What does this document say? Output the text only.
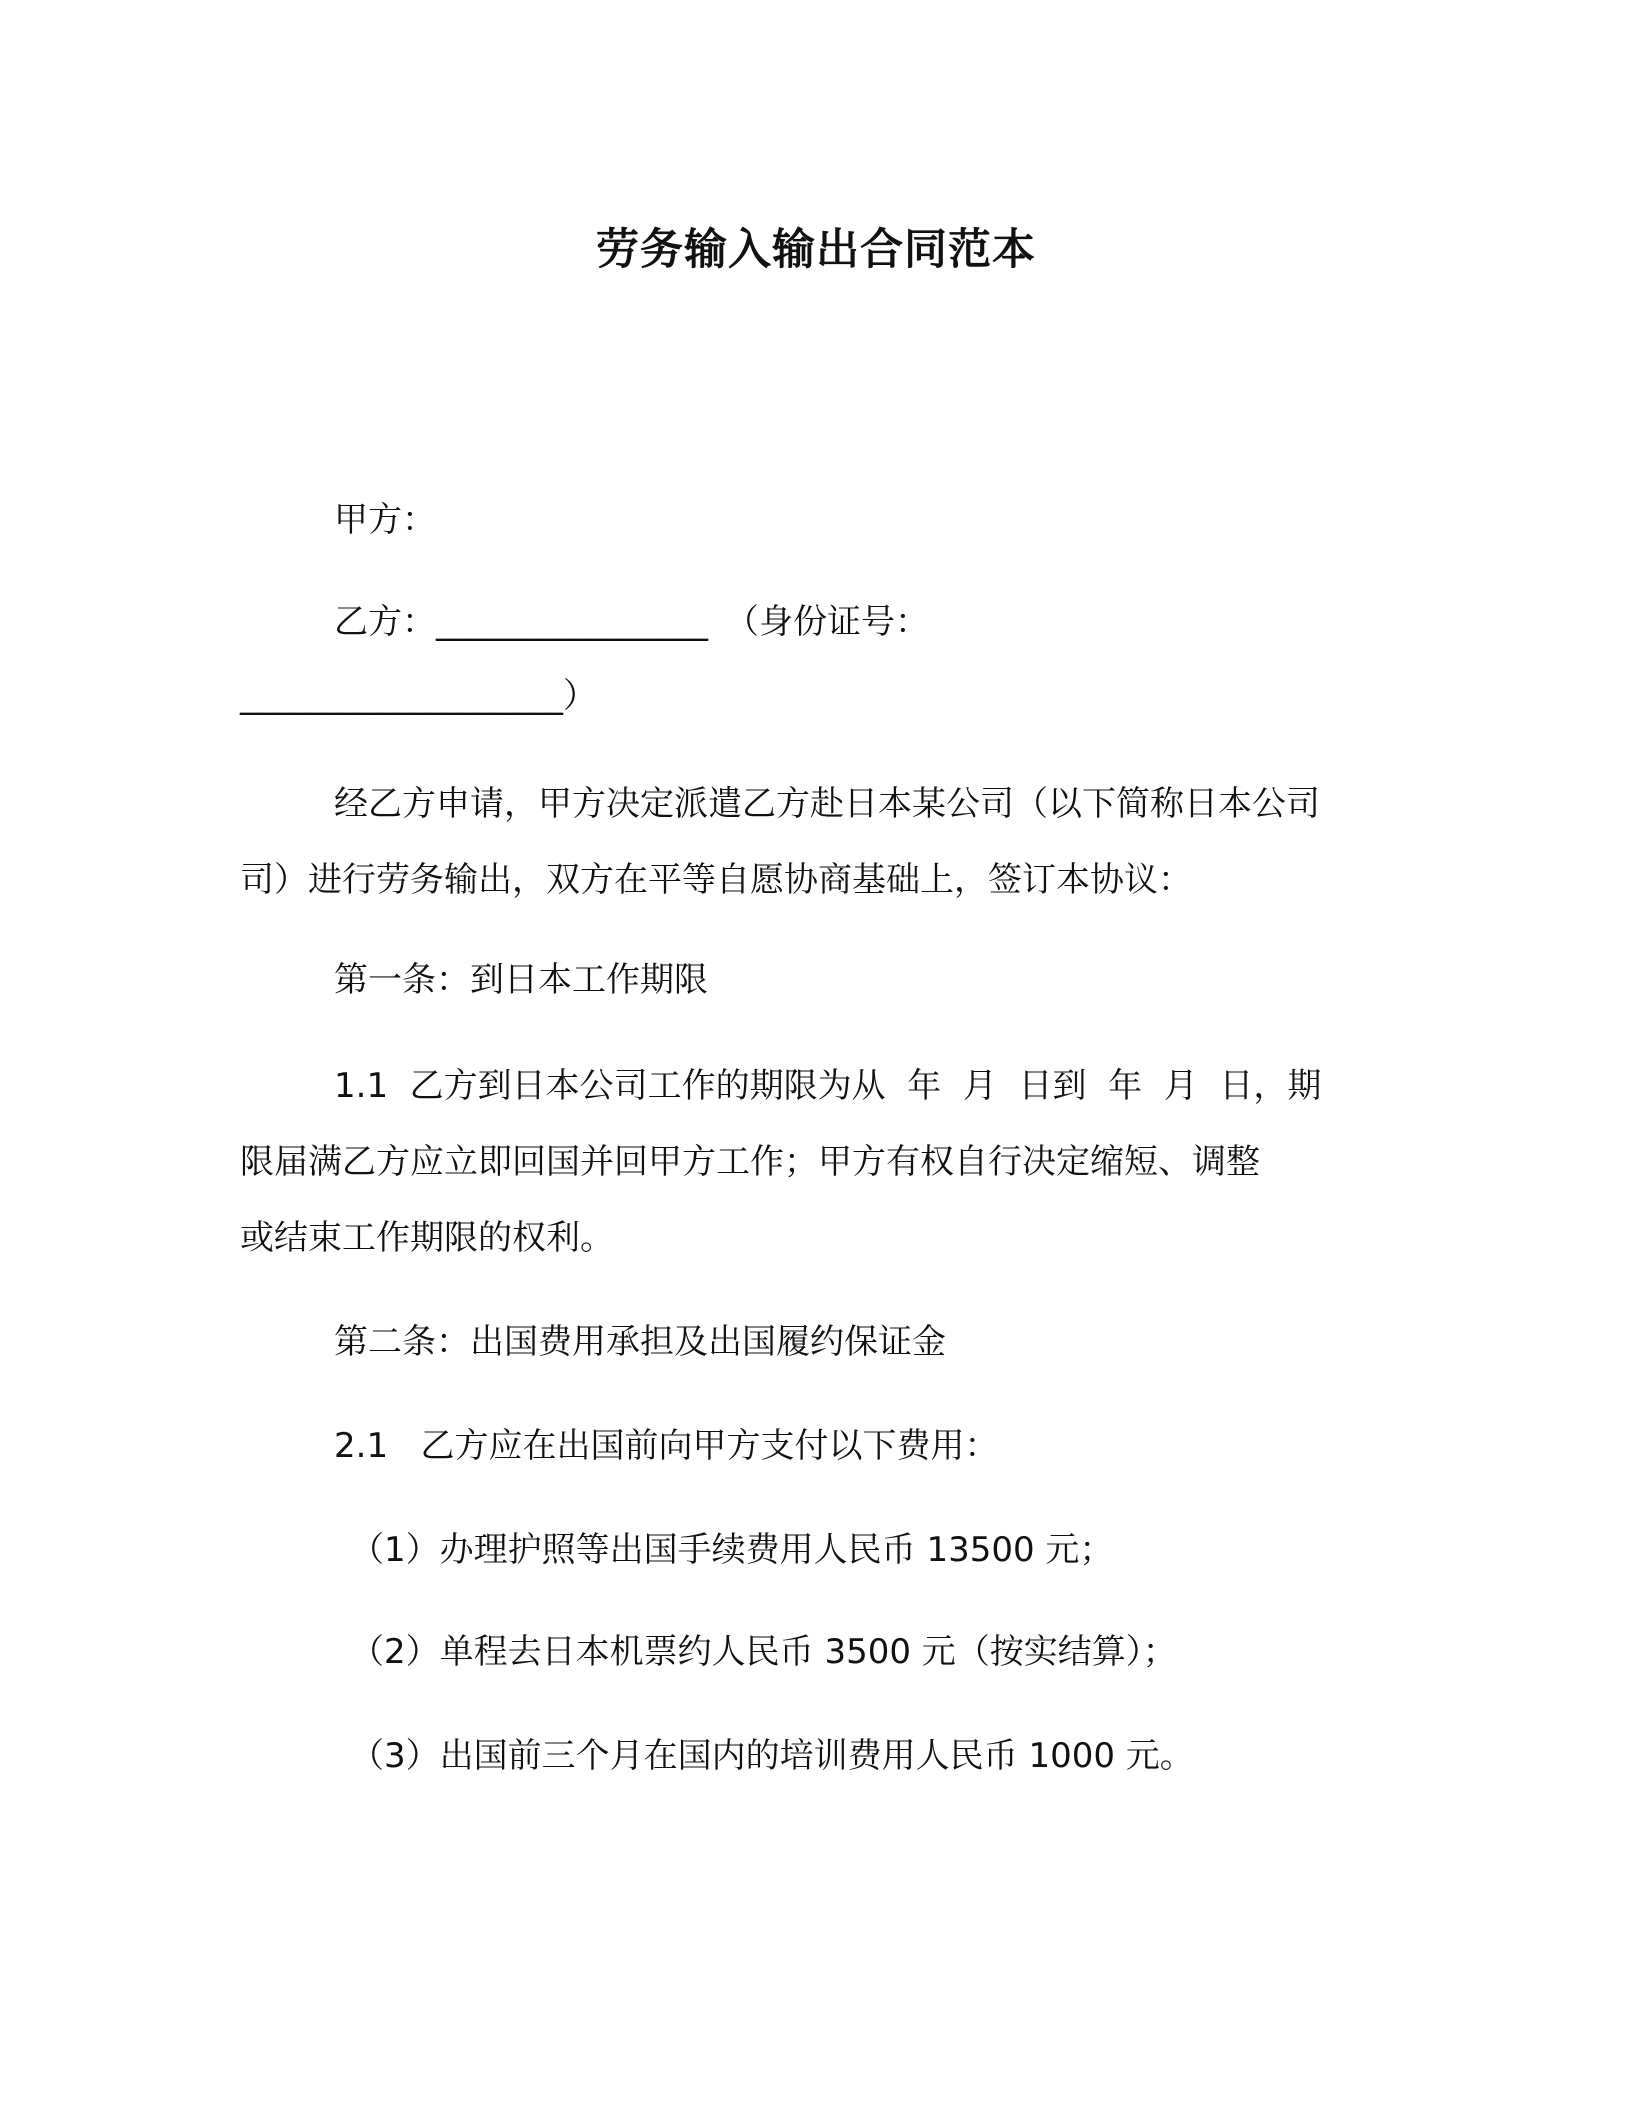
劳务输入输出合同范本
甲方：
乙方：________________　（身份证号：
___________________）
经乙方申请，甲方决定派遣乙方赴日本某公司（以下简称日本公司
司）进行劳务输出，双方在平等自愿协商基础上，签订本协议：
第一条：到日本工作期限
1.1  乙方到日本公司工作的期限为从  年  月  日到  年  月  日，期
限届满乙方应立即回国并回甲方工作；甲方有权自行决定缩短、调整
或结束工作期限的权利。
第二条：出国费用承担及出国履约保证金
2.1   乙方应在出国前向甲方支付以下费用：
（1）办理护照等出国手续费用人民币 13500 元；
（2）单程去日本机票约人民币 3500 元（按实结算）；
（3）出国前三个月在国内的培训费用人民币 1000 元。
